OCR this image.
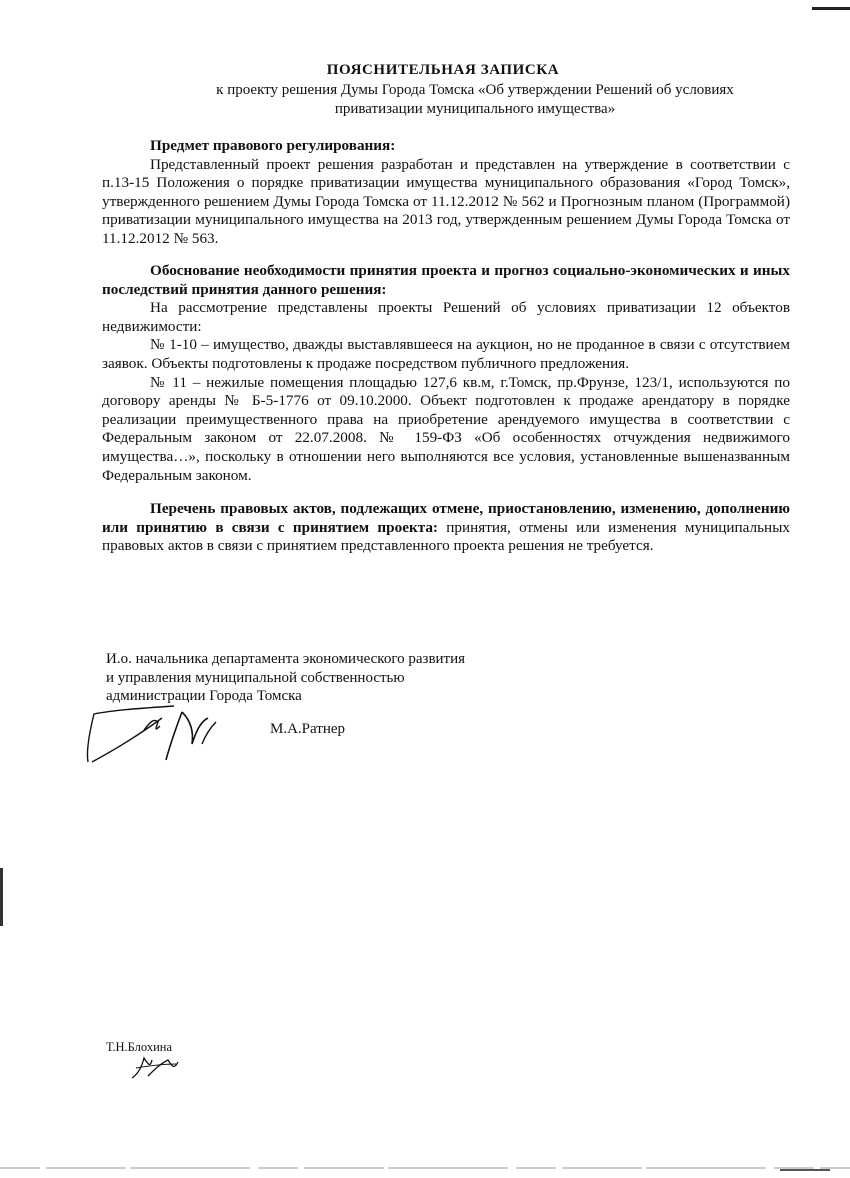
ПОЯСНИТЕЛЬНАЯ ЗАПИСКА
к проекту решения Думы Города Томска «Об утверждении Решений об условиях
приватизации муниципального имущества»

Предмет правового регулирования:

Представленный проект решения разработан и представлен на утверждение в соответствии с п.13-15 Положения о порядке приватизации имущества муниципального образования «Город Томск», утвержденного решением Думы Города Томска от 11.12.2012 № 562 и Прогнозным планом (Программой) приватизации муниципального имущества на 2013 год, утвержденным решением Думы Города Томска от 11.12.2012 № 563.

Обоснование необходимости принятия проекта и прогноз социально-экономических и иных последствий принятия данного решения:

На рассмотрение представлены проекты Решений об условиях приватизации 12 объектов недвижимости:

№ 1-10 – имущество, дважды выставлявшееся на аукцион, но не проданное в связи с отсутствием заявок. Объекты подготовлены к продаже посредством публичного предложения.

№ 11 – нежилые помещения площадью 127,6 кв.м, г.Томск, пр.Фрунзе, 123/1, используются по договору аренды № Б-5-1776 от 09.10.2000. Объект подготовлен к продаже арендатору в порядке реализации преимущественного права на приобретение арендуемого имущества в соответствии с Федеральным законом от 22.07.2008. № 159-ФЗ «Об особенностях отчуждения недвижимого имущества…», поскольку в отношении него выполняются все условия, установленные вышеназванным Федеральным законом.

Перечень правовых актов, подлежащих отмене, приостановлению, изменению, дополнению или принятию в связи с принятием проекта: принятия, отмены или изменения муниципальных правовых актов в связи с принятием представленного проекта решения не требуется.

И.о. начальника департамента экономического развития
и управления муниципальной собственностью
администрации Города Томска
М.А.Ратнер
Т.Н.Блохина
